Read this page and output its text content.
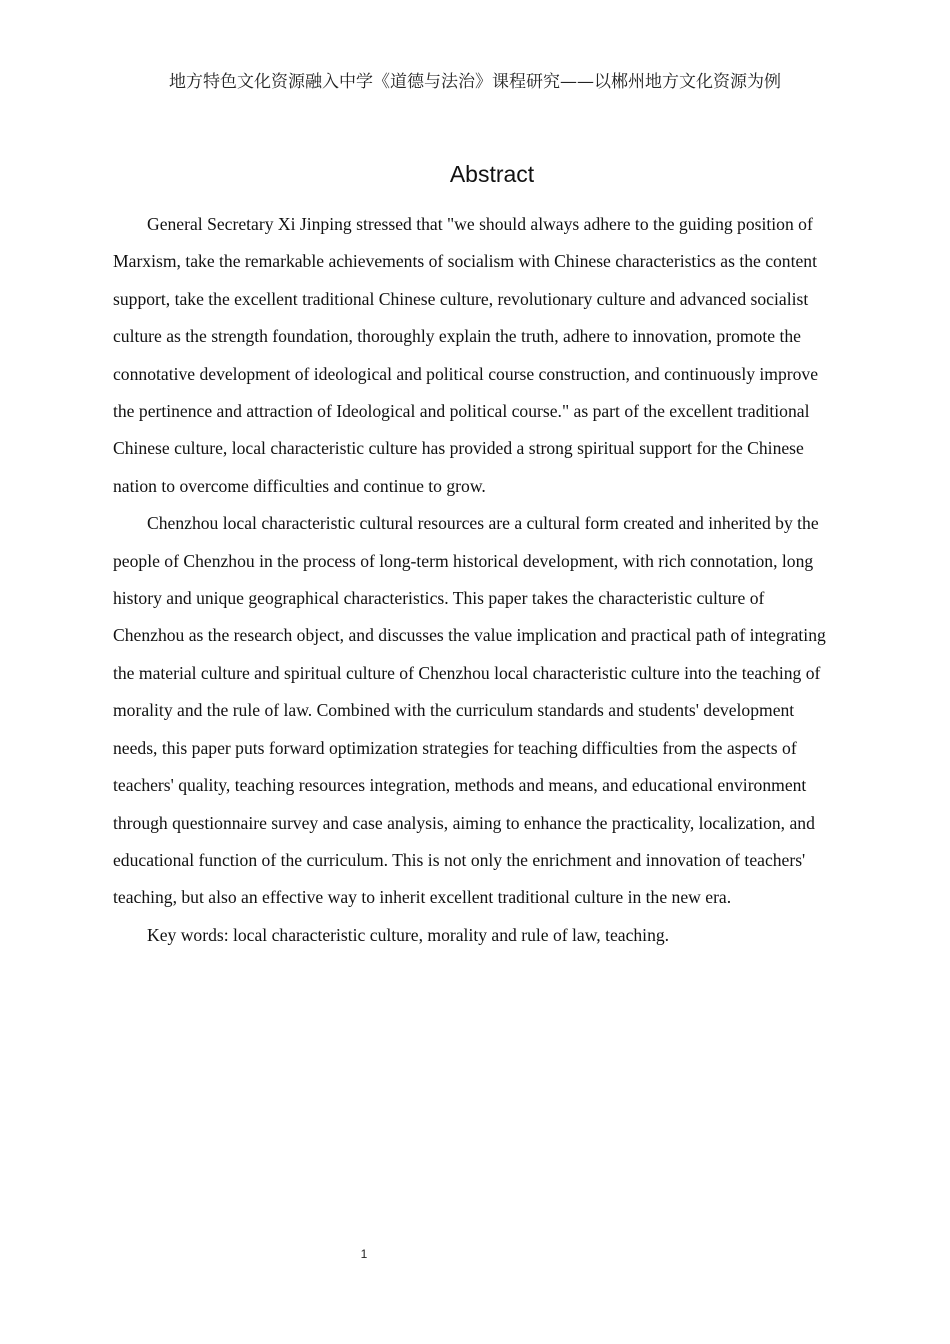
地方特色文化资源融入中学《道德与法治》课程研究——以郴州地方文化资源为例
Abstract

General Secretary Xi Jinping stressed that "we should always adhere to the guiding position of Marxism, take the remarkable achievements of socialism with Chinese characteristics as the content support, take the excellent traditional Chinese culture, revolutionary culture and advanced socialist culture as the strength foundation, thoroughly explain the truth, adhere to innovation, promote the connotative development of ideological and political course construction, and continuously improve the pertinence and attraction of Ideological and political course." as part of the excellent traditional Chinese culture, local characteristic culture has provided a strong spiritual support for the Chinese nation to overcome difficulties and continue to grow.

Chenzhou local characteristic cultural resources are a cultural form created and inherited by the people of Chenzhou in the process of long-term historical development, with rich connotation, long history and unique geographical characteristics. This paper takes the characteristic culture of Chenzhou as the research object, and discusses the value implication and practical path of integrating the material culture and spiritual culture of Chenzhou local characteristic culture into the teaching of morality and the rule of law. Combined with the curriculum standards and students' development needs, this paper puts forward optimization strategies for teaching difficulties from the aspects of teachers' quality, teaching resources integration, methods and means, and educational environment through questionnaire survey and case analysis, aiming to enhance the practicality, localization, and educational function of the curriculum. This is not only the enrichment and innovation of teachers' teaching, but also an effective way to inherit excellent traditional culture in the new era.

Key words: local characteristic culture, morality and rule of law, teaching.

1
